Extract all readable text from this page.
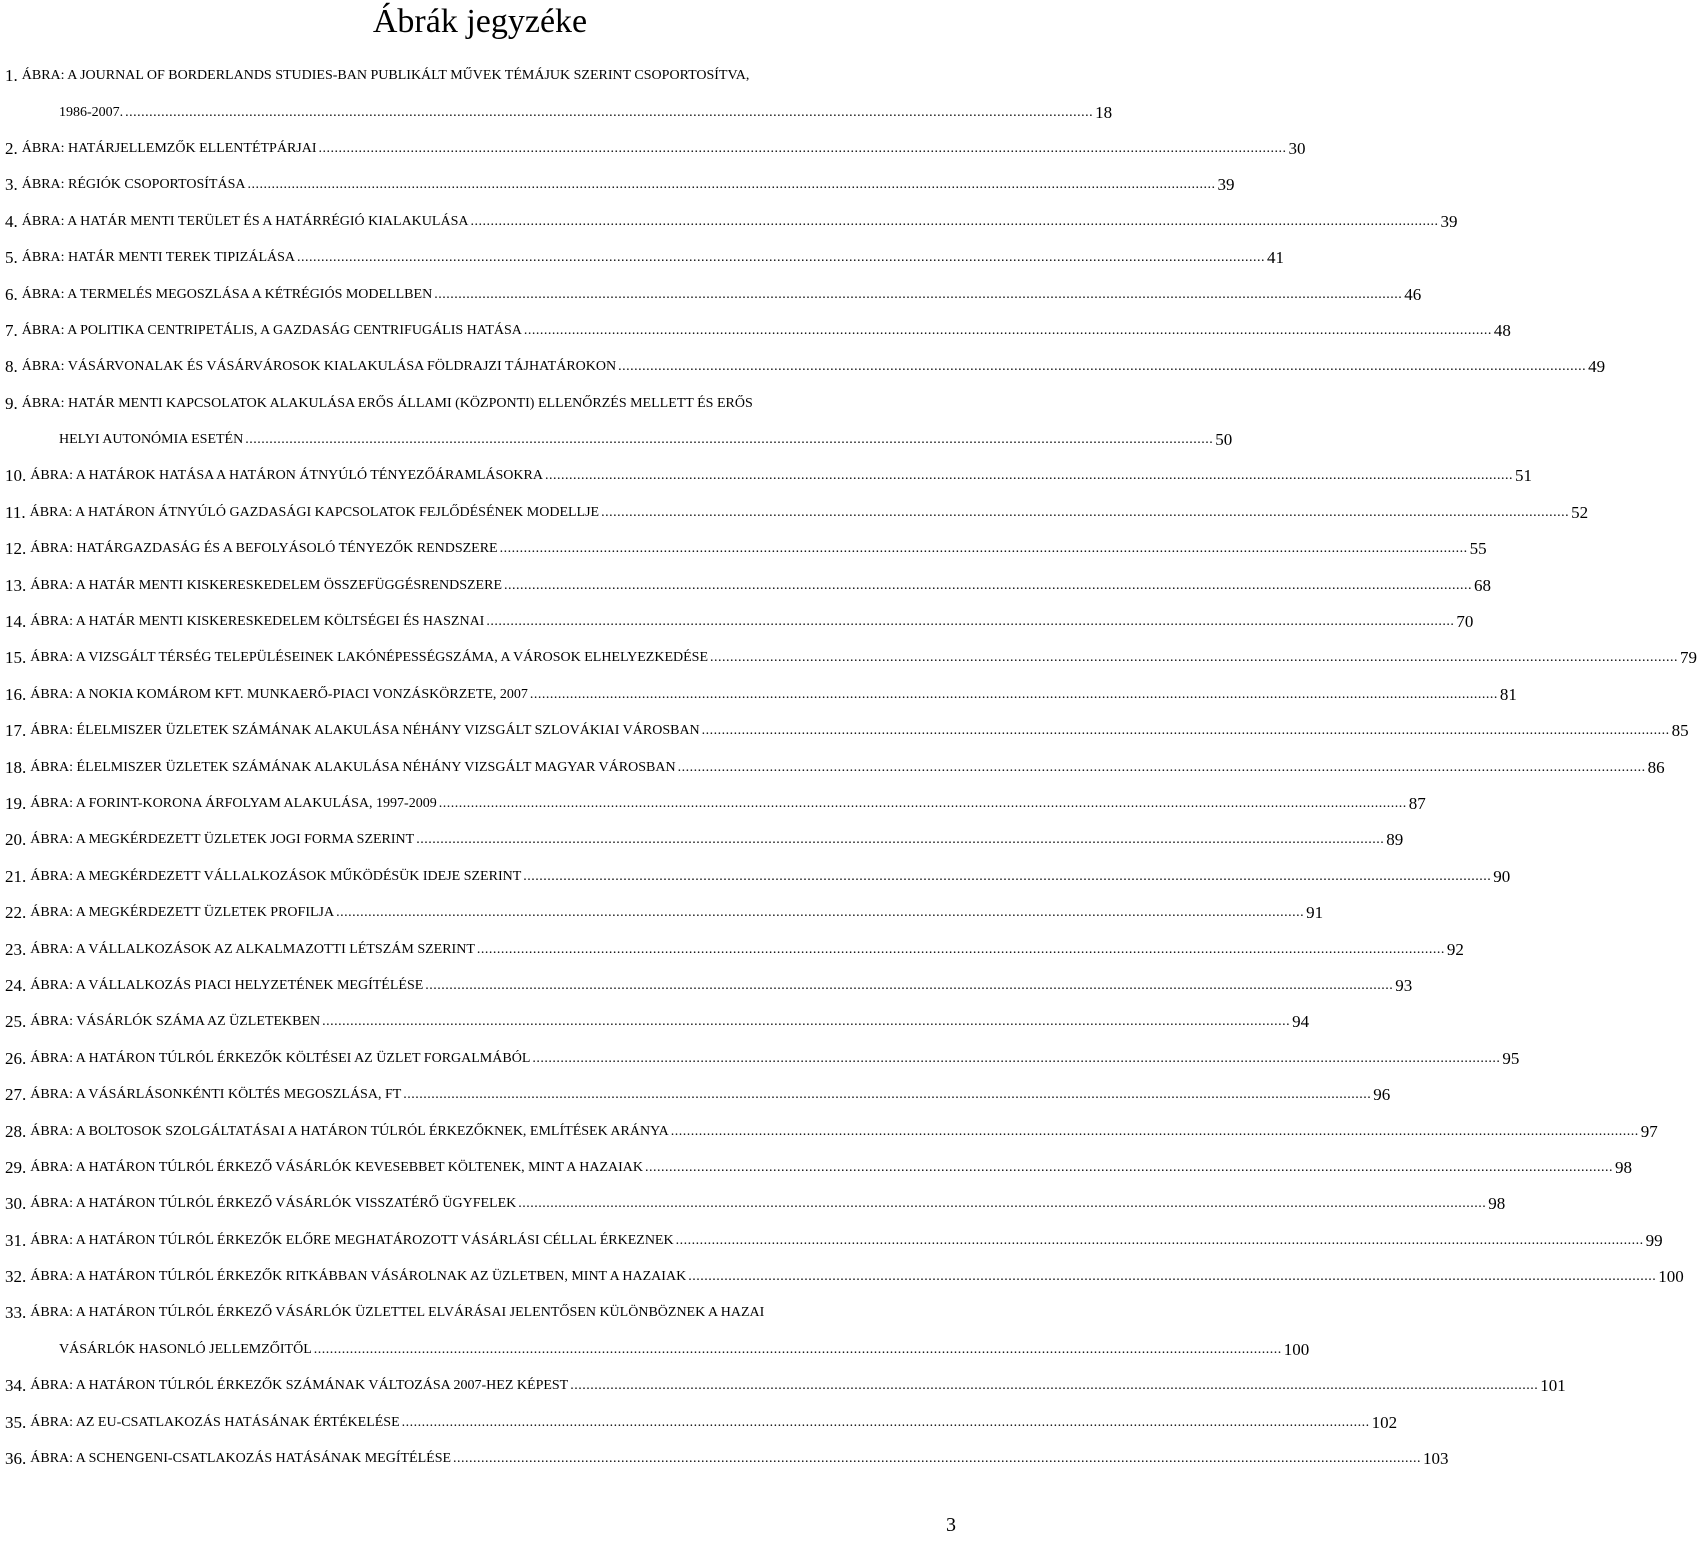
Ábrák jegyzéke
1. ÁBRA: A JOURNAL OF BORDERLANDS STUDIES-BAN PUBLIKÁLT MŰVEK TÉMÁJUK SZERINT CSOPORTOSÍTVA,
1986-2007. .....	18
2. ÁBRA: HATÁRJELLEMZŐK ELLENTÉTPÁRJAI .....	30
3. ÁBRA: RÉGIÓK CSOPORTOSÍTÁSA .....	39
4. ÁBRA: A HATÁR MENTI TERÜLET ÉS A HATÁRRÉGIÓ KIALAKULÁSA .....	39
5. ÁBRA: HATÁR MENTI TEREK TIPIZÁLÁSA .....	41
6. ÁBRA: A TERMELÉS MEGOSZLÁSA A KÉTRÉGIÓS MODELLBEN .....	46
7. ÁBRA: A POLITIKA CENTRIPETÁLIS, A GAZDASÁG CENTRIFUGÁLIS HATÁSA .....	48
8. ÁBRA: VÁSÁRVONALAK ÉS VÁSÁRVÁROSOK KIALAKULÁSA FÖLDRAJZI TÁJHATÁROKON .....	49
9. ÁBRA: HATÁR MENTI KAPCSOLATOK ALAKULÁSA ERŐS ÁLLAMI (KÖZPONTI) ELLENŐRZÉS MELLETT ÉS ERŐS
HELYI AUTONÓMIA ESETÉN .....	50
10. ÁBRA: A HATÁROK HATÁSA A HATÁRON ÁTNYÚLÓ TÉNYEZŐÁRAMLÁSOKRA .....	51
11. ÁBRA: A HATÁRON ÁTNYÚLÓ GAZDASÁGI KAPCSOLATOK FEJLŐDÉSÉNEK MODELLJE .....	52
12. ÁBRA: HATÁRGAZDASÁG ÉS A BEFOLYÁSOLÓ TÉNYEZŐK RENDSZERE .....	55
13. ÁBRA: A HATÁR MENTI KISKERESKEDELEM ÖSSZEFÜGGÉSRENDSZERE .....	68
14. ÁBRA: A HATÁR MENTI KISKERESKEDELEM KÖLTSÉGEI ÉS HASZNAI .....	70
15. ÁBRA: A VIZSGÁLT TÉRSÉG TELEPÜLÉSEINEK LAKÓNÉPESSÉGSZÁMA, A VÁROSOK ELHELYEZKEDÉSE .....	79
16. ÁBRA: A NOKIA KOMÁROM KFT. MUNKAERŐ-PIACI VONZÁSKÖRZETE, 2007 .....	81
17. ÁBRA: ÉLELMISZER ÜZLETEK SZÁMÁNAK ALAKULÁSA NÉHÁNY VIZSGÁLT SZLOVÁKIAI VÁROSBAN .....	85
18. ÁBRA: ÉLELMISZER ÜZLETEK SZÁMÁNAK ALAKULÁSA NÉHÁNY VIZSGÁLT MAGYAR VÁROSBAN .....	86
19. ÁBRA: A FORINT-KORONA ÁRFOLYAM ALAKULÁSA, 1997-2009 .....	87
20. ÁBRA: A MEGKÉRDEZETT ÜZLETEK JOGI FORMA SZERINT .....	89
21. ÁBRA: A MEGKÉRDEZETT VÁLLALKOZÁSOK MŰKÖDÉSÜK IDEJE SZERINT .....	90
22. ÁBRA: A MEGKÉRDEZETT ÜZLETEK PROFILJA .....	91
23. ÁBRA: A VÁLLALKOZÁSOK AZ ALKALMAZOTTI LÉTSZÁM SZERINT .....	92
24. ÁBRA: A VÁLLALKOZÁS PIACI HELYZETÉNEK MEGÍTÉLÉSE .....	93
25. ÁBRA: VÁSÁRLÓK SZÁMA AZ ÜZLETEKBEN .....	94
26. ÁBRA: A HATÁRON TÚLRÓL ÉRKEZŐK KÖLTÉSEI AZ ÜZLET FORGALMÁBÓL .....	95
27. ÁBRA: A VÁSÁRLÁSONKÉNTI KÖLTÉS MEGOSZLÁSA, FT .....	96
28. ÁBRA: A BOLTOSOK SZOLGÁLTATÁSAI A HATÁRON TÚLRÓL ÉRKEZŐKNEK, EMLÍTÉSEK ARÁNYA .....	97
29. ÁBRA: A HATÁRON TÚLRÓL ÉRKEZŐ VÁSÁRLÓK KEVESEBBET KÖLTENEK, MINT A HAZAIAK .....	98
30. ÁBRA: A HATÁRON TÚLRÓL ÉRKEZŐ VÁSÁRLÓK VISSZATÉRŐ ÜGYFELEK .....	98
31. ÁBRA: A HATÁRON TÚLRÓL ÉRKEZŐK ELŐRE MEGHATÁROZOTT VÁSÁRLÁSI CÉLLAL ÉRKEZNEK .....	99
32. ÁBRA: A HATÁRON TÚLRÓL ÉRKEZŐK RITKÁBBAN VÁSÁROLNAK AZ ÜZLETBEN, MINT A HAZAIAK .....	100
33. ÁBRA: A HATÁRON TÚLRÓL ÉRKEZŐ VÁSÁRLÓK ÜZLETTEL ELVÁRÁSAI JELENTŐSEN KÜLÖNBÖZNEK A HAZAI
VÁSÁRLÓK HASONLÓ JELLEMZŐITŐL .....	100
34. ÁBRA: A HATÁRON TÚLRÓL ÉRKEZŐK SZÁMÁNAK VÁLTOZÁSA 2007-HEZ KÉPEST .....	101
35. ÁBRA: AZ EU-CSATLAKOZÁS HATÁSÁNAK ÉRTÉKELÉSE .....	102
36. ÁBRA: A SCHENGENI-CSATLAKOZÁS HATÁSÁNAK MEGÍTÉLÉSE .....	103
3
